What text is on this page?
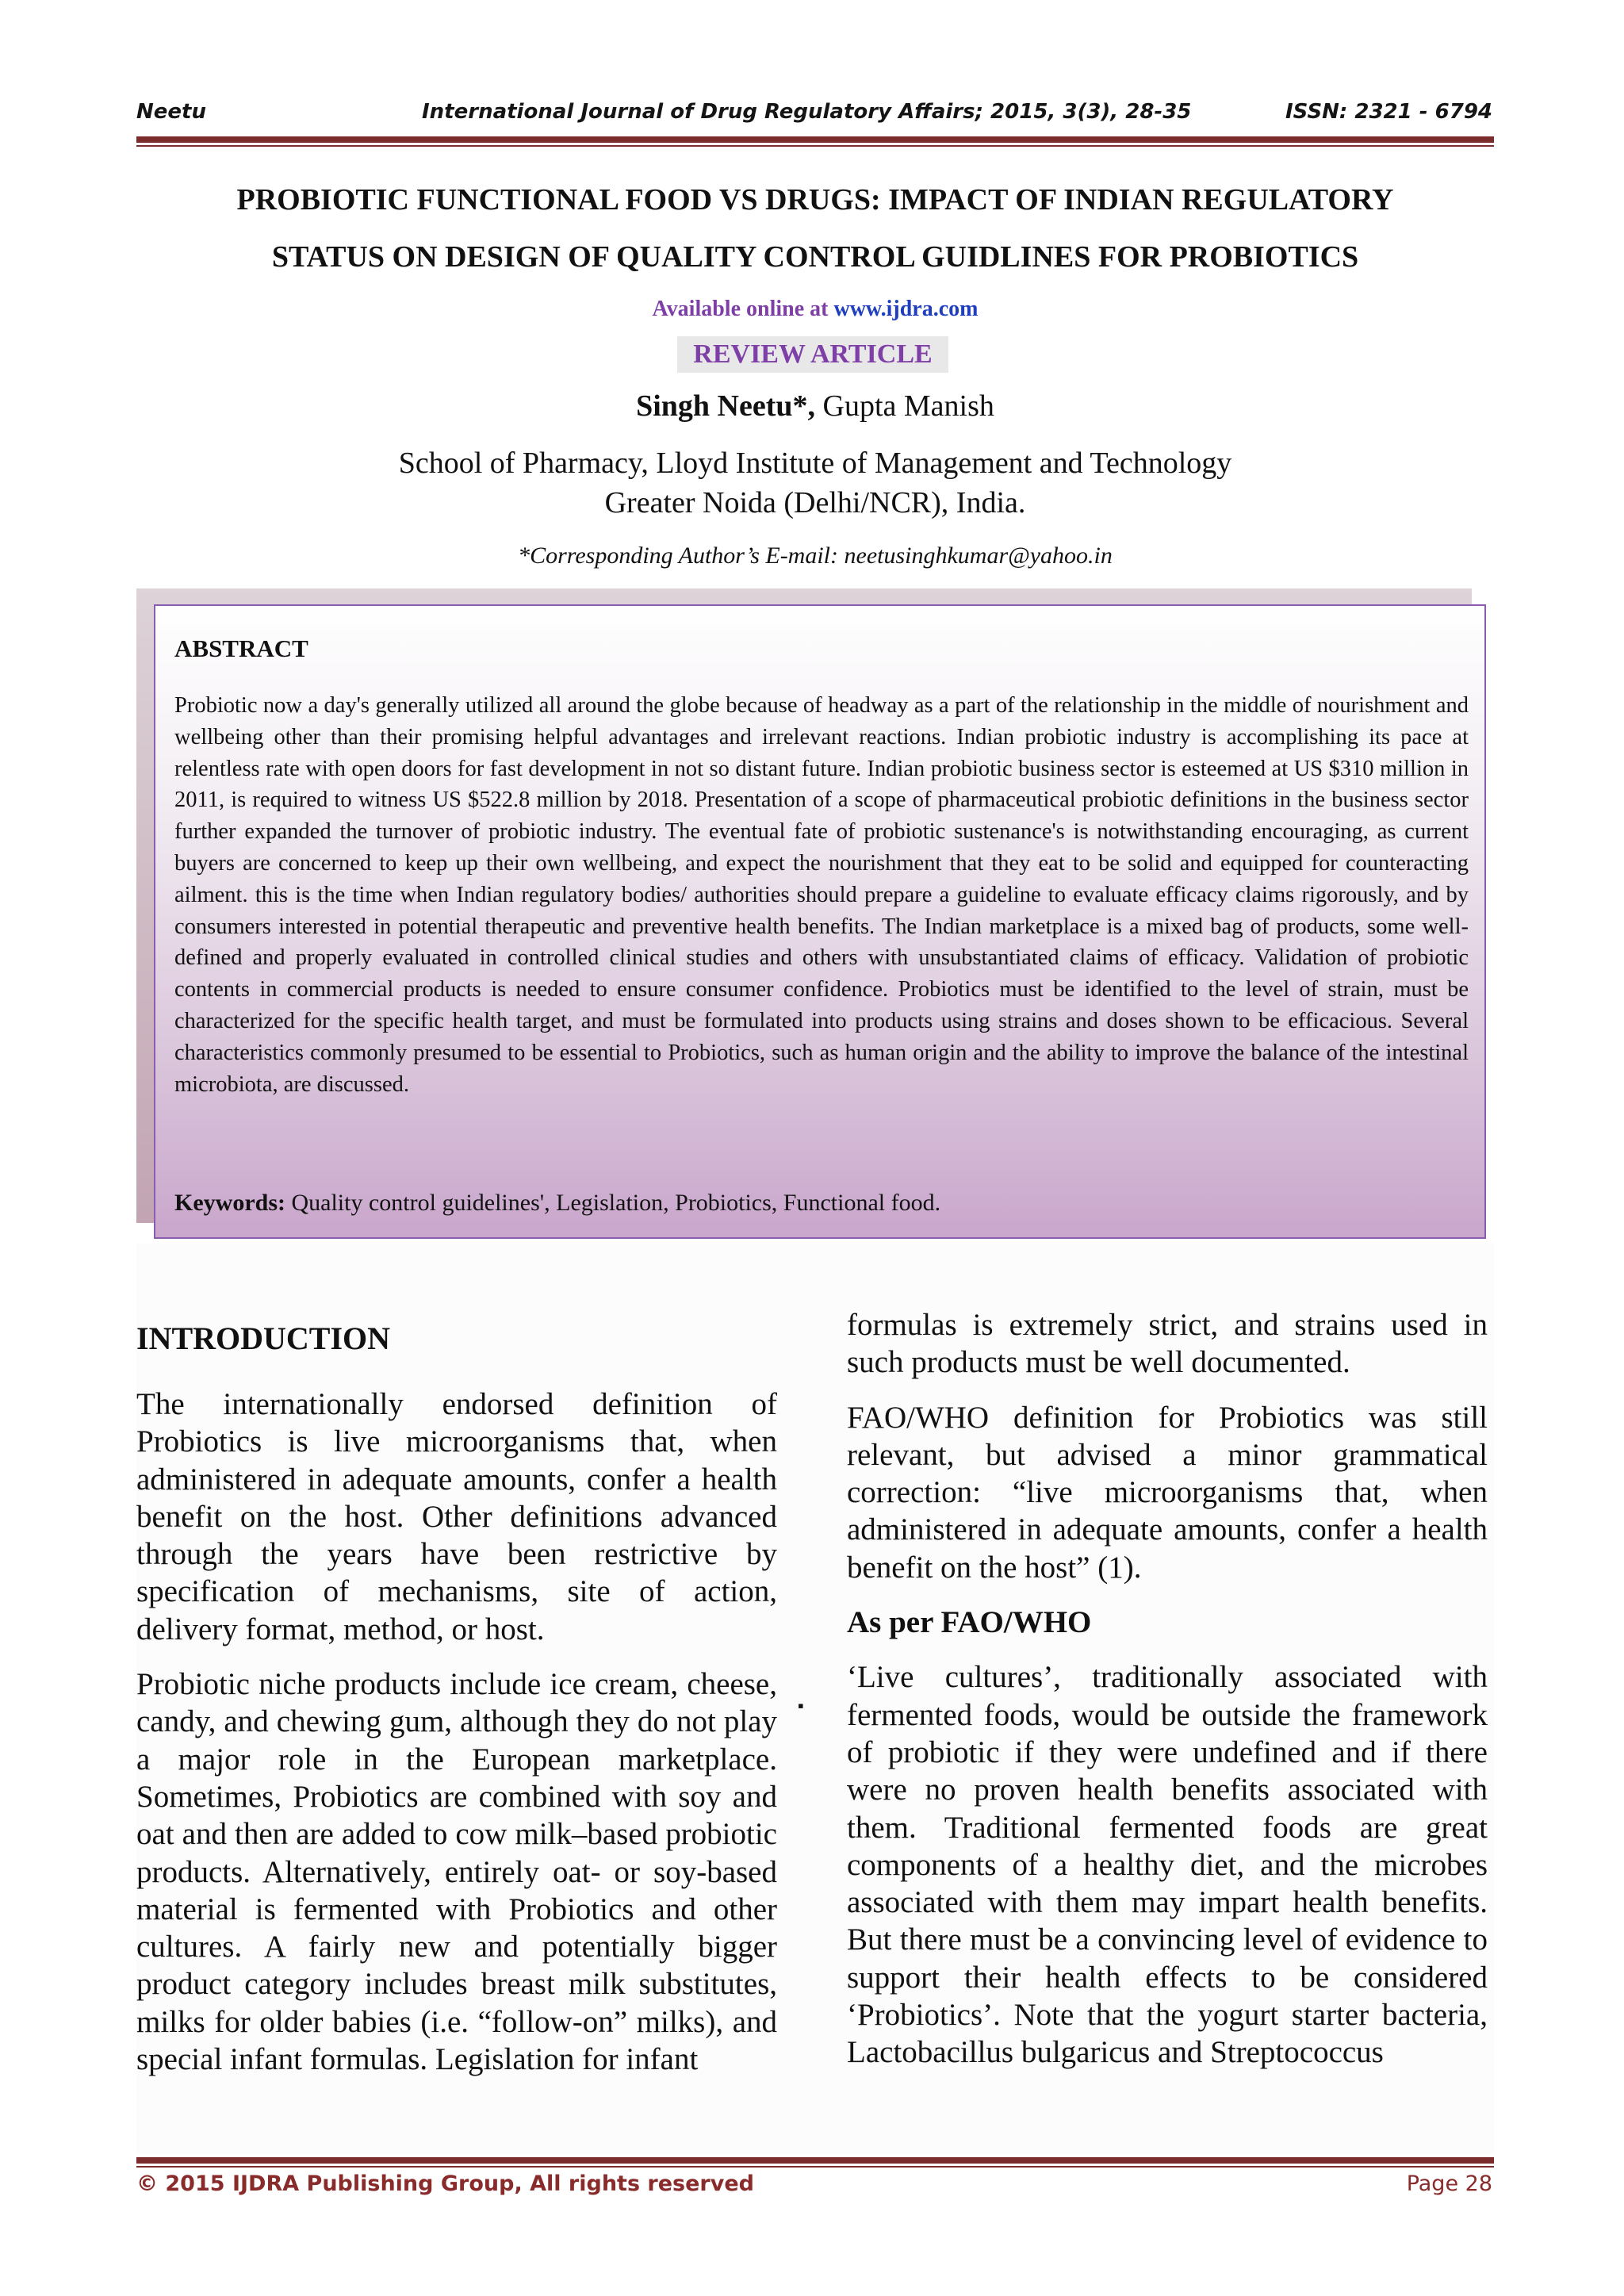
Neetu	International Journal of Drug Regulatory Affairs; 2015, 3(3), 28-35	ISSN: 2321 - 6794
PROBIOTIC FUNCTIONAL FOOD VS DRUGS: IMPACT OF INDIAN REGULATORY
STATUS ON DESIGN OF QUALITY CONTROL GUIDLINES FOR PROBIOTICS
Available online at www.ijdra.com
REVIEW ARTICLE
Singh Neetu*, Gupta Manish
School of Pharmacy, Lloyd Institute of Management and Technology
Greater Noida (Delhi/NCR), India.
*Corresponding Author’s E-mail: neetusinghkumar@yahoo.in
ABSTRACT
Probiotic now a day's generally utilized all around the globe because of headway as a part of the relationship in the middle of nourishment and wellbeing other than their promising helpful advantages and irrelevant reactions. Indian probiotic industry is accomplishing its pace at relentless rate with open doors for fast development in not so distant future. Indian probiotic business sector is esteemed at US $310 million in 2011, is required to witness US $522.8 million by 2018. Presentation of a scope of pharmaceutical probiotic definitions in the business sector further expanded the turnover of probiotic industry. The eventual fate of probiotic sustenance's is notwithstanding encouraging, as current buyers are concerned to keep up their own wellbeing, and expect the nourishment that they eat to be solid and equipped for counteracting ailment. this is the time when Indian regulatory bodies/ authorities should prepare a guideline to evaluate efficacy claims rigorously, and by consumers interested in potential therapeutic and preventive health benefits. The Indian marketplace is a mixed bag of products, some well-defined and properly evaluated in controlled clinical studies and others with unsubstantiated claims of efficacy. Validation of probiotic contents in commercial products is needed to ensure consumer confidence. Probiotics must be identified to the level of strain, must be characterized for the specific health target, and must be formulated into products using strains and doses shown to be efficacious. Several characteristics commonly presumed to be essential to Probiotics, such as human origin and the ability to improve the balance of the intestinal microbiota, are discussed.
Keywords: Quality control guidelines', Legislation, Probiotics, Functional food.
INTRODUCTION

The internationally endorsed definition of Probiotics is live microorganisms that, when administered in adequate amounts, confer a health benefit on the host. Other definitions advanced through the years have been restrictive by specification of mechanisms, site of action, delivery format, method, or host.

Probiotic niche products include ice cream, cheese, candy, and chewing gum, although they do not play a major role in the European marketplace. Sometimes, Probiotics are combined with soy and oat and then are added to cow milk–based probiotic products. Alternatively, entirely oat- or soy-based material is fermented with Probiotics and other cultures. A fairly new and potentially bigger product category includes breast milk substitutes, milks for older babies (i.e. “follow-on” milks), and special infant formulas. Legislation for infant

formulas is extremely strict, and strains used in such products must be well documented.

FAO/WHO definition for Probiotics was still relevant, but advised a minor grammatical correction: “live microorganisms that, when administered in adequate amounts, confer a health benefit on the host” (1).

As per FAO/WHO

‘Live cultures’, traditionally associated with fermented foods, would be outside the framework of probiotic if they were undefined and if there were no proven health benefits associated with them. Traditional fermented foods are great components of a healthy diet, and the microbes associated with them may impart health benefits. But there must be a convincing level of evidence to support their health effects to be considered ‘Probiotics’. Note that the yogurt starter bacteria, Lactobacillus bulgaricus and Streptococcus

▪
© 2015 IJDRA Publishing Group, All rights reserved	Page 28
